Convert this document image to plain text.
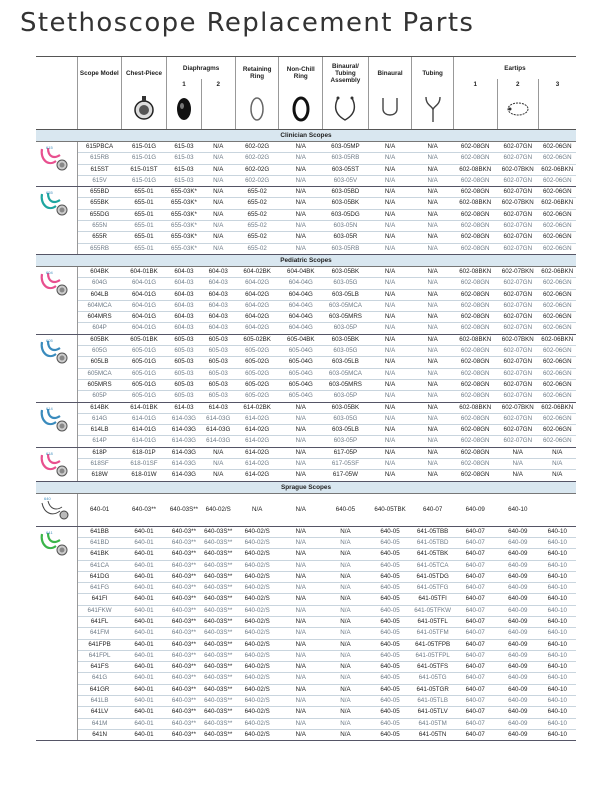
Stethoscope Replacement Parts
	Scope Model	Chest-Piece	Diaphragms		Retaining Ring	Non-Chill Ring	Binaural/ Tubing Assembly	Binaural	Tubing	Eartips		
			1	2						1	2	3

Clinician Scopes												

615	615PBCA	615-01G	615-03	N/A	602-02G	N/A	603-05MP	N/A	N/A	602-08GN	602-07GN	602-06GN
	615RB	615-01G	615-03	N/A	602-02G	N/A	603-05RB	N/A	N/A	602-08GN	602-07GN	602-06GN
	615ST	615-01ST	615-03	N/A	602-02G	N/A	603-05ST	N/A	N/A	602-08BKN	602-07BKN	602-06BKN
	615V	615-01G	615-03	N/A	602-02G	N/A	603-05V	N/A	N/A	602-08GN	602-07GN	602-06GN

655	655BD	655-01	655-03K*	N/A	655-02	N/A	603-05BD	N/A	N/A	602-08GN	602-07GN	602-06GN
	655BK	655-01	655-03K*	N/A	655-02	N/A	603-05BK	N/A	N/A	602-08BKN	602-07BKN	602-06BKN
	655DG	655-01	655-03K*	N/A	655-02	N/A	603-05DG	N/A	N/A	602-08GN	602-07GN	602-06GN
	655N	655-01	655-03K*	N/A	655-02	N/A	603-05N	N/A	N/A	602-08GN	602-07GN	602-06GN
	655R	655-01	655-03K*	N/A	655-02	N/A	603-05R	N/A	N/A	602-08GN	602-07GN	602-06GN
	655RB	655-01	655-03K*	N/A	655-02	N/A	603-05RB	N/A	N/A	602-08GN	602-07GN	602-06GN
Pediatric Scopes												

604	604BK	604-01BK	604-03	604-03	604-02BK	604-04BK	603-05BK	N/A	N/A	602-08BKN	602-07BKN	602-06BKN
	604G	604-01G	604-03	604-03	604-02G	604-04G	603-05G	N/A	N/A	602-08GN	602-07GN	602-06GN
	604LB	604-01G	604-03	604-03	604-02G	604-04G	603-05LB	N/A	N/A	602-08GN	602-07GN	602-06GN
	604MCA	604-01G	604-03	604-03	604-02G	604-04G	603-05MCA	N/A	N/A	602-08GN	602-07GN	602-06GN
	604MRS	604-01G	604-03	604-03	604-02G	604-04G	603-05MRS	N/A	N/A	602-08GN	602-07GN	602-06GN
	604P	604-01G	604-03	604-03	604-02G	604-04G	603-05P	N/A	N/A	602-08GN	602-07GN	602-06GN

605	605BK	605-01BK	605-03	605-03	605-02BK	605-04BK	603-05BK	N/A	N/A	602-08BKN	602-07BKN	602-06BKN
	605G	605-01G	605-03	605-03	605-02G	605-04G	603-05G	N/A	N/A	602-08GN	602-07GN	602-06GN
	605LB	605-01G	605-03	605-03	605-02G	605-04G	603-05LB	N/A	N/A	602-08GN	602-07GN	602-06GN
	605MCA	605-01G	605-03	605-03	605-02G	605-04G	603-05MCA	N/A	N/A	602-08GN	602-07GN	602-06GN
	605MRS	605-01G	605-03	605-03	605-02G	605-04G	603-05MRS	N/A	N/A	602-08GN	602-07GN	602-06GN
	605P	605-01G	605-03	605-03	605-02G	605-04G	603-05P	N/A	N/A	602-08GN	602-07GN	602-06GN

614	614BK	614-01BK	614-03	614-03	614-02BK	N/A	603-05BK	N/A	N/A	602-08BKN	602-07BKN	602-06BKN
	614G	614-01G	614-03G	614-03G	614-02G	N/A	603-05G	N/A	N/A	602-08GN	602-07GN	602-06GN
	614LB	614-01G	614-03G	614-03G	614-02G	N/A	603-05LB	N/A	N/A	602-08GN	602-07GN	602-06GN
	614P	614-01G	614-03G	614-03G	614-02G	N/A	603-05P	N/A	N/A	602-08GN	602-07GN	602-06GN

618	618P	618-01P	614-03G	N/A	614-02G	N/A	617-05P	N/A	N/A	602-08GN	N/A	N/A
	618SF	618-01SF	614-03G	N/A	614-02G	N/A	617-05SF	N/A	N/A	602-08GN	N/A	N/A
	618W	618-01W	614-03G	N/A	614-02G	N/A	617-05W	N/A	N/A	602-08GN	N/A	N/A
Sprague Scopes												

640	640-01	640-03**	640-03S**	640-02/S	N/A	N/A	640-05	640-05TBK	640-07	640-09	640-10	

641	641BB	640-01	640-03**	640-03S**	640-02/S	N/A	N/A	640-05	641-05TBB	640-07	640-09	640-10
	641BD	640-01	640-03**	640-03S**	640-02/S	N/A	N/A	640-05	641-05TBD	640-07	640-09	640-10
	641BK	640-01	640-03**	640-03S**	640-02/S	N/A	N/A	640-05	641-05TBK	640-07	640-09	640-10
	641CA	640-01	640-03**	640-03S**	640-02/S	N/A	N/A	640-05	641-05TCA	640-07	640-09	640-10
	641DG	640-01	640-03**	640-03S**	640-02/S	N/A	N/A	640-05	641-05TDG	640-07	640-09	640-10
	641FG	640-01	640-03**	640-03S**	640-02/S	N/A	N/A	640-05	641-05TFG	640-07	640-09	640-10
	641FI	640-01	640-03**	640-03S**	640-02/S	N/A	N/A	640-05	641-05TFI	640-07	640-09	640-10
	641FKW	640-01	640-03**	640-03S**	640-02/S	N/A	N/A	640-05	641-05TFKW	640-07	640-09	640-10
	641FL	640-01	640-03**	640-03S**	640-02/S	N/A	N/A	640-05	641-05TFL	640-07	640-09	640-10
	641FM	640-01	640-03**	640-03S**	640-02/S	N/A	N/A	640-05	641-05TFM	640-07	640-09	640-10
	641FPB	640-01	640-03**	640-03S**	640-02/S	N/A	N/A	640-05	641-05TFPB	640-07	640-09	640-10
	641FPL	640-01	640-03**	640-03S**	640-02/S	N/A	N/A	640-05	641-05TFPL	640-07	640-09	640-10
	641FS	640-01	640-03**	640-03S**	640-02/S	N/A	N/A	640-05	641-05TFS	640-07	640-09	640-10
	641G	640-01	640-03**	640-03S**	640-02/S	N/A	N/A	640-05	641-05TG	640-07	640-09	640-10
	641GR	640-01	640-03**	640-03S**	640-02/S	N/A	N/A	640-05	641-05TGR	640-07	640-09	640-10
	641LB	640-01	640-03**	640-03S**	640-02/S	N/A	N/A	640-05	641-05TLB	640-07	640-09	640-10
	641LV	640-01	640-03**	640-03S**	640-02/S	N/A	N/A	640-05	641-05TLV	640-07	640-09	640-10
	641M	640-01	640-03**	640-03S**	640-02/S	N/A	N/A	640-05	641-05TM	640-07	640-09	640-10
	641N	640-01	640-03**	640-03S**	640-02/S	N/A	N/A	640-05	641-05TN	640-07	640-09	640-10
